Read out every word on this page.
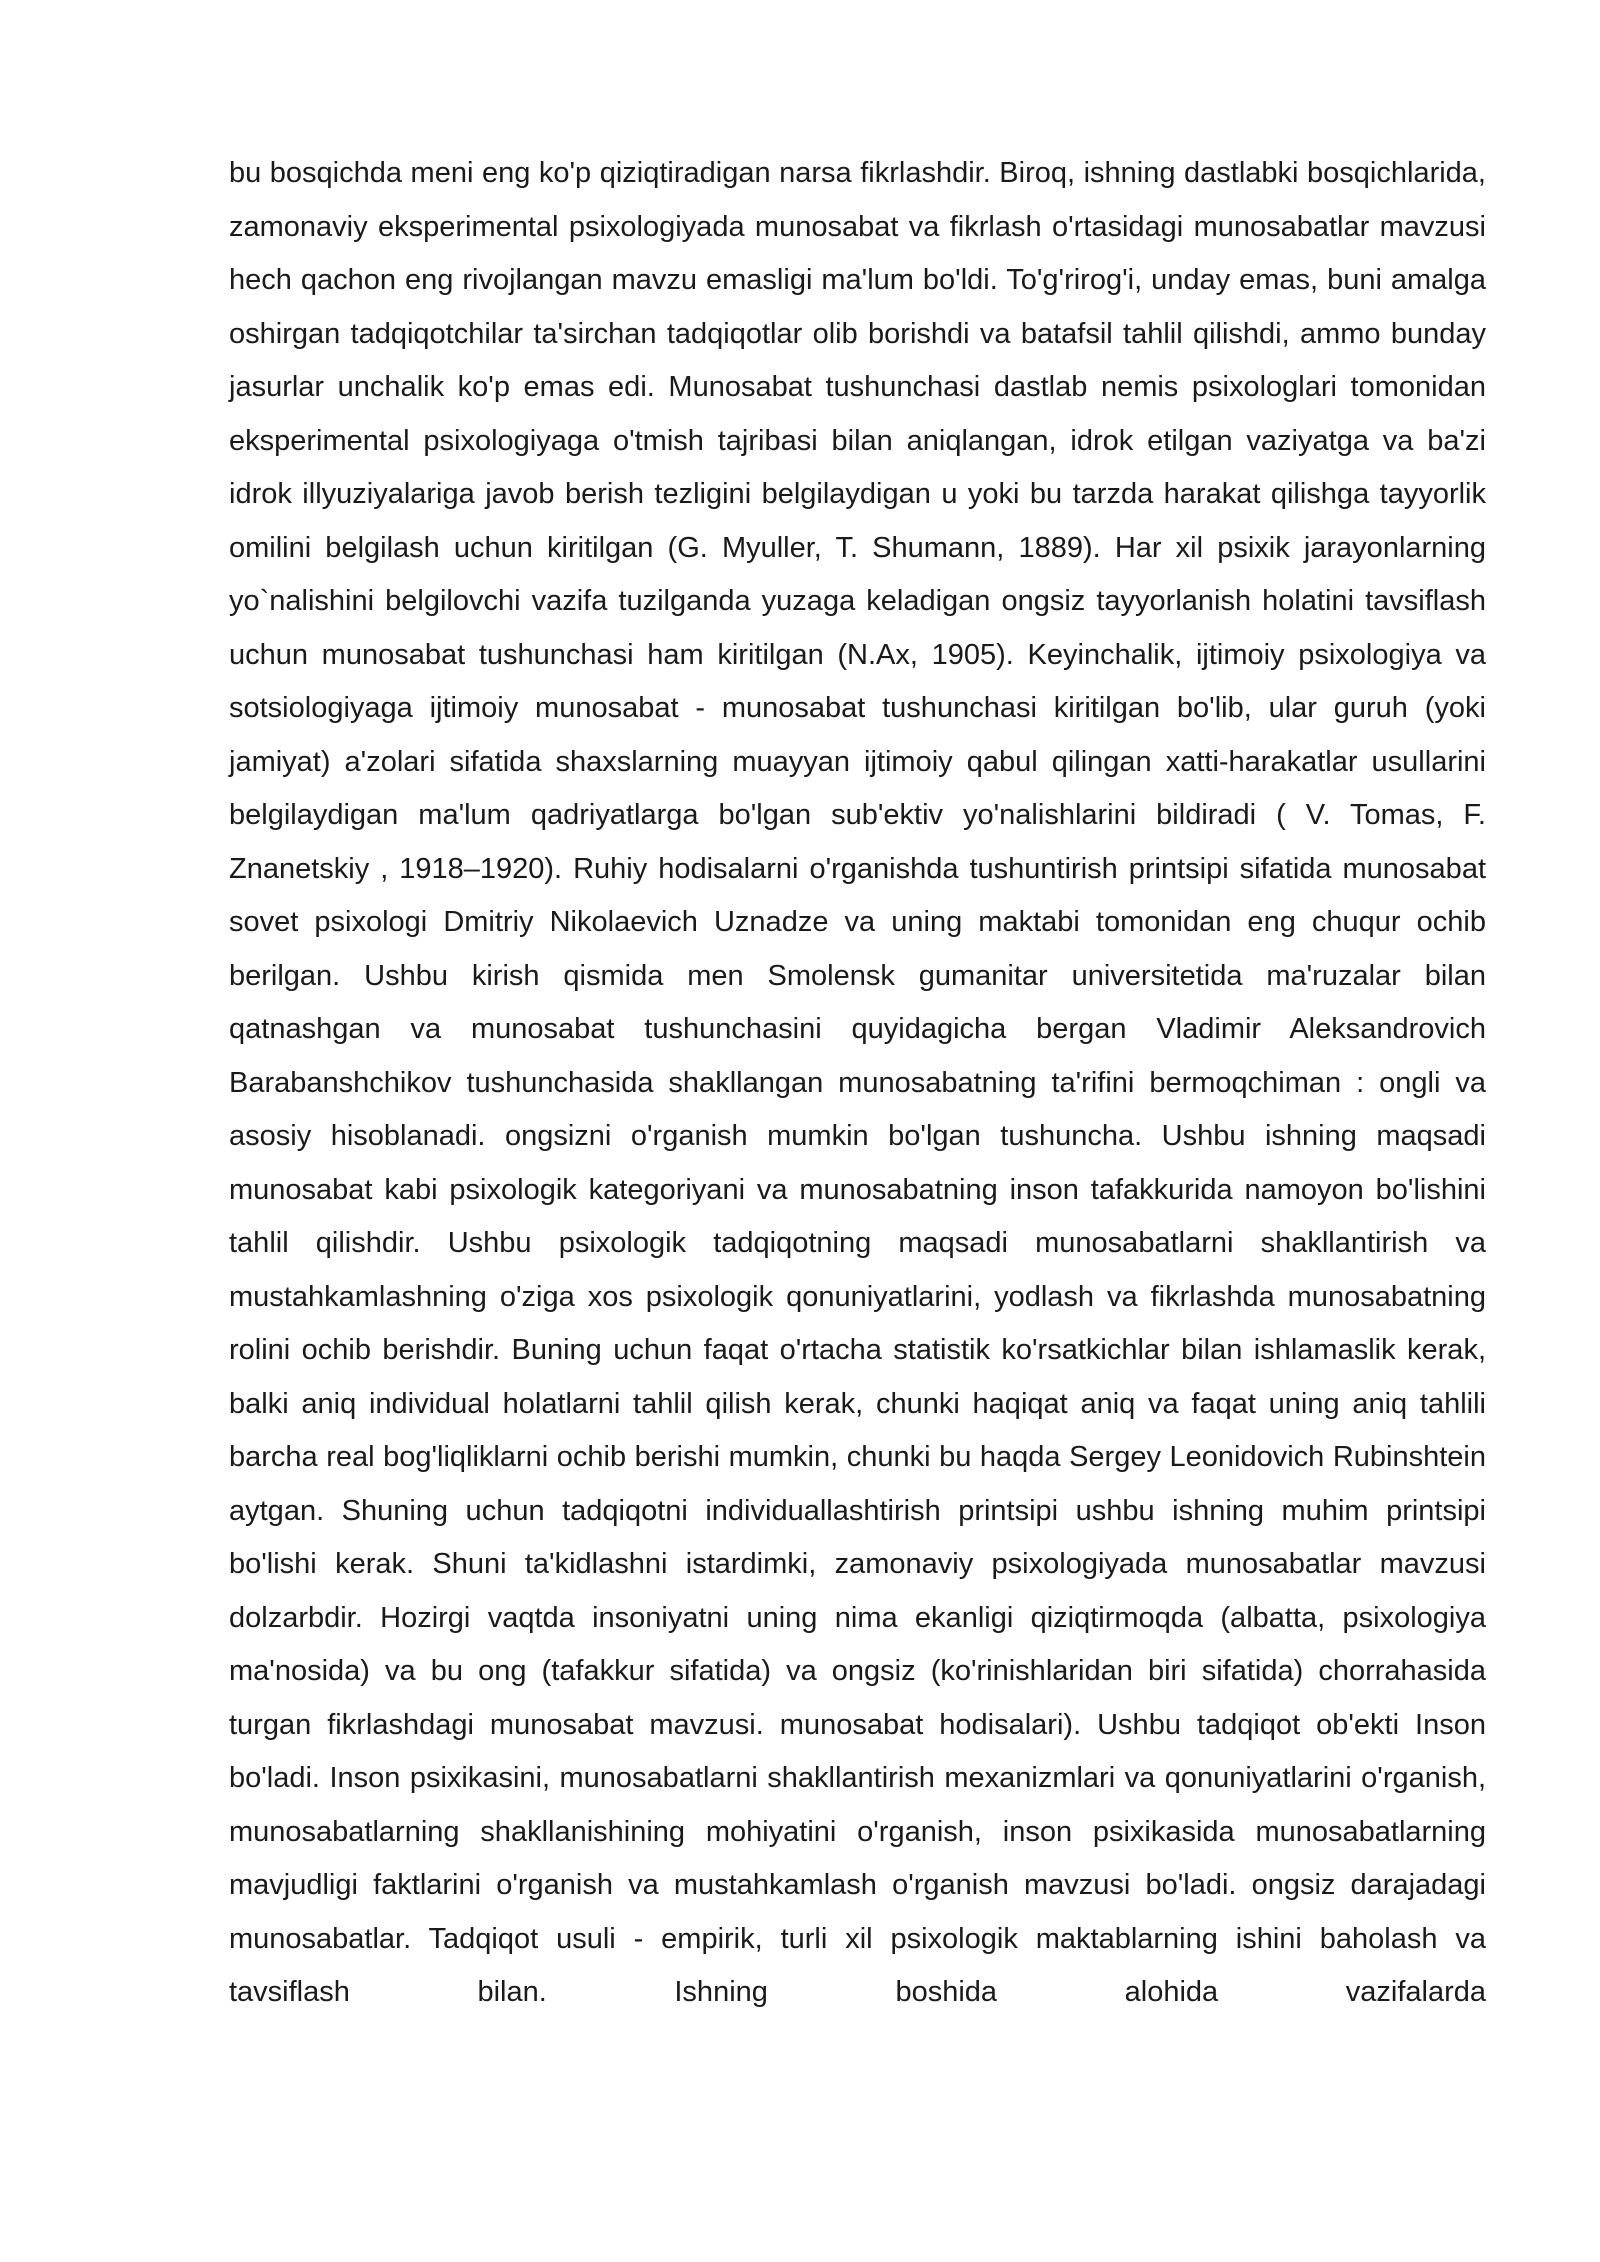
bu bosqichda meni eng ko'p qiziqtiradigan narsa fikrlashdir. Biroq, ishning dastlabki bosqichlarida, zamonaviy eksperimental psixologiyada munosabat va fikrlash o'rtasidagi munosabatlar mavzusi hech qachon eng rivojlangan mavzu emasligi ma'lum bo'ldi. To'g'rirog'i, unday emas, buni amalga oshirgan tadqiqotchilar ta'sirchan tadqiqotlar olib borishdi va batafsil tahlil qilishdi, ammo bunday jasurlar unchalik ko'p emas edi. Munosabat tushunchasi dastlab nemis psixologlari tomonidan eksperimental psixologiyaga o'tmish tajribasi bilan aniqlangan, idrok etilgan vaziyatga va ba'zi idrok illyuziyalariga javob berish tezligini belgilaydigan u yoki bu tarzda harakat qilishga tayyorlik omilini belgilash uchun kiritilgan (G. Myuller, T. Shumann, 1889). Har xil psixik jarayonlarning yo`nalishini belgilovchi vazifa tuzilganda yuzaga keladigan ongsiz tayyorlanish holatini tavsiflash uchun munosabat tushunchasi ham kiritilgan (N.Ax, 1905). Keyinchalik, ijtimoiy psixologiya va sotsiologiyaga ijtimoiy munosabat - munosabat tushunchasi kiritilgan bo'lib, ular guruh (yoki jamiyat) a'zolari sifatida shaxslarning muayyan ijtimoiy qabul qilingan xatti-harakatlar usullarini belgilaydigan ma'lum qadriyatlarga bo'lgan sub'ektiv yo'nalishlarini bildiradi ( V. Tomas, F. Znanetskiy , 1918–1920). Ruhiy hodisalarni o'rganishda tushuntirish printsipi sifatida munosabat sovet psixologi Dmitriy Nikolaevich Uznadze va uning maktabi tomonidan eng chuqur ochib berilgan. Ushbu kirish qismida men Smolensk gumanitar universitetida ma'ruzalar bilan qatnashgan va munosabat tushunchasini quyidagicha bergan Vladimir Aleksandrovich Barabanshchikov tushunchasida shakllangan munosabatning ta'rifini bermoqchiman : ongli va asosiy hisoblanadi. ongsizni o'rganish mumkin bo'lgan tushuncha. Ushbu ishning maqsadi munosabat kabi psixologik kategoriyani va munosabatning inson tafakkurida namoyon bo'lishini tahlil qilishdir. Ushbu psixologik tadqiqotning maqsadi munosabatlarni shakllantirish va mustahkamlashning o'ziga xos psixologik qonuniyatlarini, yodlash va fikrlashda munosabatning rolini ochib berishdir. Buning uchun faqat o'rtacha statistik ko'rsatkichlar bilan ishlamaslik kerak, balki aniq individual holatlarni tahlil qilish kerak, chunki haqiqat aniq va faqat uning aniq tahlili barcha real bog'liqliklarni ochib berishi mumkin, chunki bu haqda Sergey Leonidovich Rubinshtein aytgan. Shuning uchun tadqiqotni individuallashtirish printsipi ushbu ishning muhim printsipi bo'lishi kerak. Shuni ta'kidlashni istardimki, zamonaviy psixologiyada munosabatlar mavzusi dolzarbdir. Hozirgi vaqtda insoniyatni uning nima ekanligi qiziqtirmoqda (albatta, psixologiya ma'nosida) va bu ong (tafakkur sifatida) va ongsiz (ko'rinishlaridan biri sifatida) chorrahasida turgan fikrlashdagi munosabat mavzusi. munosabat hodisalari). Ushbu tadqiqot ob'ekti Inson bo'ladi. Inson psixikasini, munosabatlarni shakllantirish mexanizmlari va qonuniyatlarini o'rganish, munosabatlarning shakllanishining mohiyatini o'rganish, inson psixikasida munosabatlarning mavjudligi faktlarini o'rganish va mustahkamlash o'rganish mavzusi bo'ladi. ongsiz darajadagi munosabatlar. Tadqiqot usuli - empirik, turli xil psixologik maktablarning ishini baholash va tavsiflash bilan. Ishning boshida alohida vazifalarda
